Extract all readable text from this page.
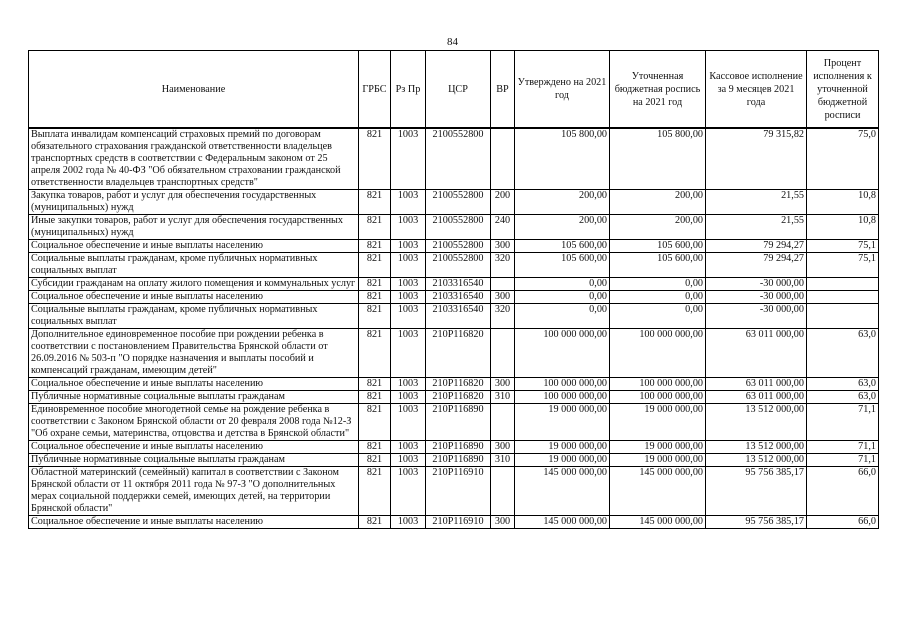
84
Наименование	ГРБС	Рз Пр	ЦСР	ВР	Утверждено на 2021 год	Уточненная бюджетная роспись на 2021 год	Кассовое исполнение за 9 месяцев 2021 года	Процент исполнения к уточненной бюджетной росписи
Выплата инвалидам компенсаций страховых премий по договорам обязательного страхования гражданской ответственности владельцев транспортных средств в соответствии с Федеральным законом от 25 апреля 2002 года № 40-ФЗ "Об обязательном страховании гражданской ответственности владельцев транспортных средств"	821	1003	2100552800		105 800,00	105 800,00	79 315,82	75,0
Закупка товаров, работ и услуг для обеспечения государственных (муниципальных) нужд	821	1003	2100552800	200	200,00	200,00	21,55	10,8
Иные закупки товаров, работ и услуг для обеспечения государственных (муниципальных) нужд	821	1003	2100552800	240	200,00	200,00	21,55	10,8
Социальное обеспечение и иные выплаты населению	821	1003	2100552800	300	105 600,00	105 600,00	79 294,27	75,1
Социальные выплаты гражданам, кроме публичных нормативных социальных выплат	821	1003	2100552800	320	105 600,00	105 600,00	79 294,27	75,1
Субсидии гражданам на оплату жилого помещения и коммунальных услуг	821	1003	2103316540		0,00	0,00	-30 000,00	
Социальное обеспечение и иные выплаты населению	821	1003	2103316540	300	0,00	0,00	-30 000,00	
Социальные выплаты гражданам, кроме публичных нормативных социальных выплат	821	1003	2103316540	320	0,00	0,00	-30 000,00	
Дополнительное единовременное пособие при рождении ребенка в соответствии с постановлением Правительства Брянской области от 26.09.2016 № 503-п "О порядке назначения и выплаты пособий и компенсаций гражданам, имеющим детей"	821	1003	210P116820		100 000 000,00	100 000 000,00	63 011 000,00	63,0
Социальное обеспечение и иные выплаты населению	821	1003	210P116820	300	100 000 000,00	100 000 000,00	63 011 000,00	63,0
Публичные нормативные социальные выплаты гражданам	821	1003	210P116820	310	100 000 000,00	100 000 000,00	63 011 000,00	63,0
Единовременное пособие многодетной семье на рождение ребенка в соответствии с Законом Брянской области от 20 февраля 2008 года №12-З "Об охране семьи, материнства, отцовства и детства в Брянской области"	821	1003	210P116890		19 000 000,00	19 000 000,00	13 512 000,00	71,1
Социальное обеспечение и иные выплаты населению	821	1003	210P116890	300	19 000 000,00	19 000 000,00	13 512 000,00	71,1
Публичные нормативные социальные выплаты гражданам	821	1003	210P116890	310	19 000 000,00	19 000 000,00	13 512 000,00	71,1
Областной материнский (семейный) капитал в соответствии с Законом Брянской области от 11 октября 2011 года № 97-З "О дополнительных мерах социальной поддержки семей, имеющих детей, на территории Брянской области"	821	1003	210P116910		145 000 000,00	145 000 000,00	95 756 385,17	66,0
Социальное обеспечение и иные выплаты населению	821	1003	210P116910	300	145 000 000,00	145 000 000,00	95 756 385,17	66,0
